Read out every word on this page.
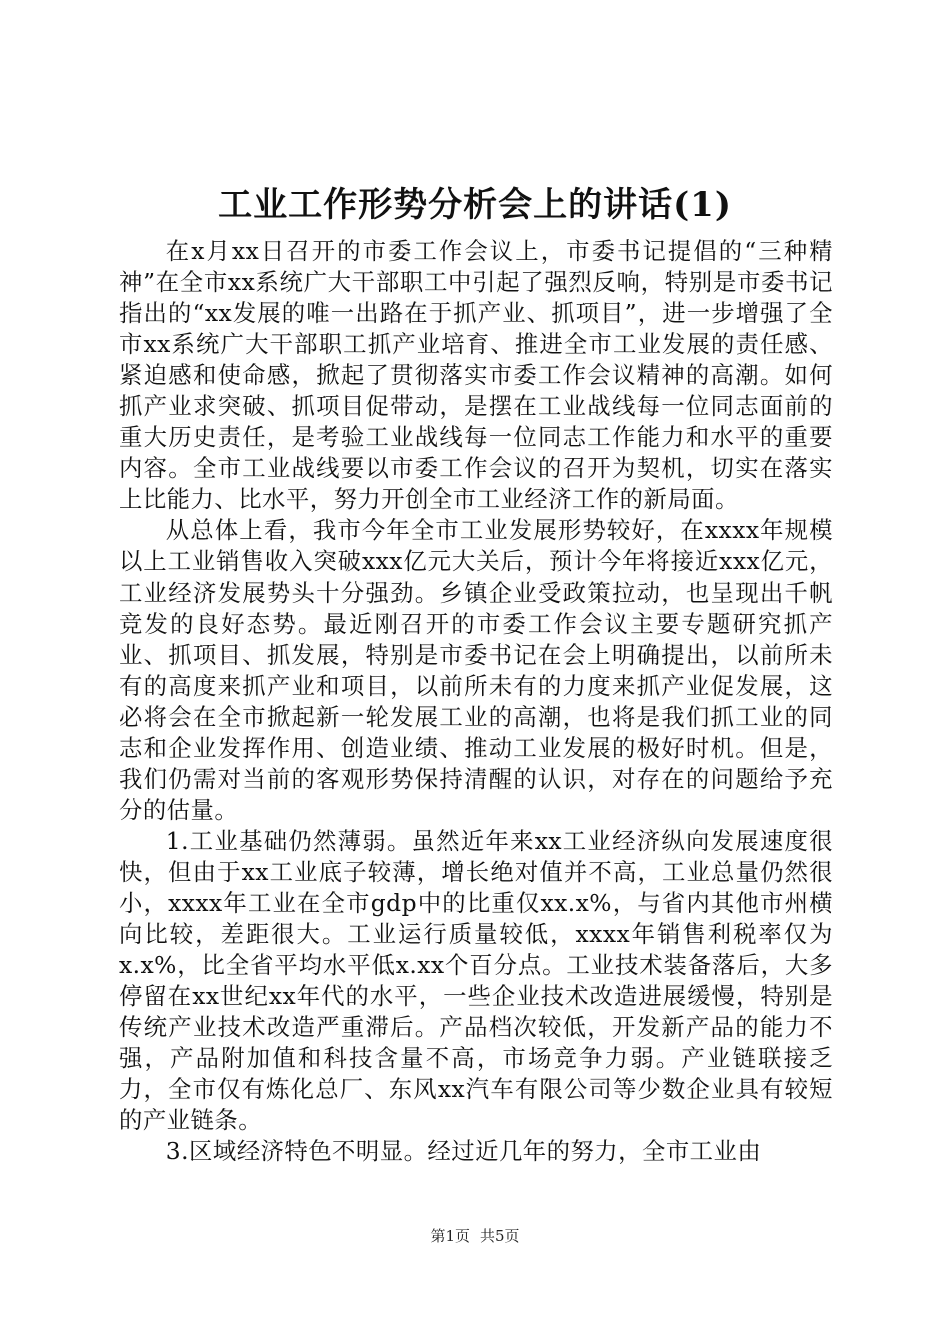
工业工作形势分析会上的讲话(1)

在x月xx日召开的市委工作会议上，市委书记提倡的“三种精神”在全市xx系统广大干部职工中引起了强烈反响，特别是市委书记指出的“xx发展的唯一出路在于抓产业、抓项目”，进一步增强了全市xx系统广大干部职工抓产业培育、推进全市工业发展的责任感、紧迫感和使命感，掀起了贯彻落实市委工作会议精神的高潮。如何抓产业求突破、抓项目促带动，是摆在工业战线每一位同志面前的重大历史责任，是考验工业战线每一位同志工作能力和水平的重要内容。全市工业战线要以市委工作会议的召开为契机，切实在落实上比能力、比水平，努力开创全市工业经济工作的新局面。

从总体上看，我市今年全市工业发展形势较好，在xxxx年规模以上工业销售收入突破xxx亿元大关后，预计今年将接近xxx亿元，工业经济发展势头十分强劲。乡镇企业受政策拉动，也呈现出千帆竞发的良好态势。最近刚召开的市委工作会议主要专题研究抓产业、抓项目、抓发展，特别是市委书记在会上明确提出，以前所未有的高度来抓产业和项目，以前所未有的力度来抓产业促发展，这必将会在全市掀起新一轮发展工业的高潮，也将是我们抓工业的同志和企业发挥作用、创造业绩、推动工业发展的极好时机。但是，我们仍需对当前的客观形势保持清醒的认识，对存在的问题给予充分的估量。

1.工业基础仍然薄弱。虽然近年来xx工业经济纵向发展速度很快，但由于xx工业底子较薄，增长绝对值并不高，工业总量仍然很小，xxxx年工业在全市gdp中的比重仅xx.x%，与省内其他市州横向比较，差距很大。工业运行质量较低，xxxx年销售利税率仅为x.x%，比全省平均水平低x.xx个百分点。工业技术装备落后，大多停留在xx世纪xx年代的水平，一些企业技术改造进展缓慢，特别是传统产业技术改造严重滞后。产品档次较低，开发新产品的能力不强，产品附加值和科技含量不高，市场竞争力弱。产业链联接乏力，全市仅有炼化总厂、东风xx汽车有限公司等少数企业具有较短的产业链条。

3.区域经济特色不明显。经过近几年的努力，全市工业由

第1页 共5页
